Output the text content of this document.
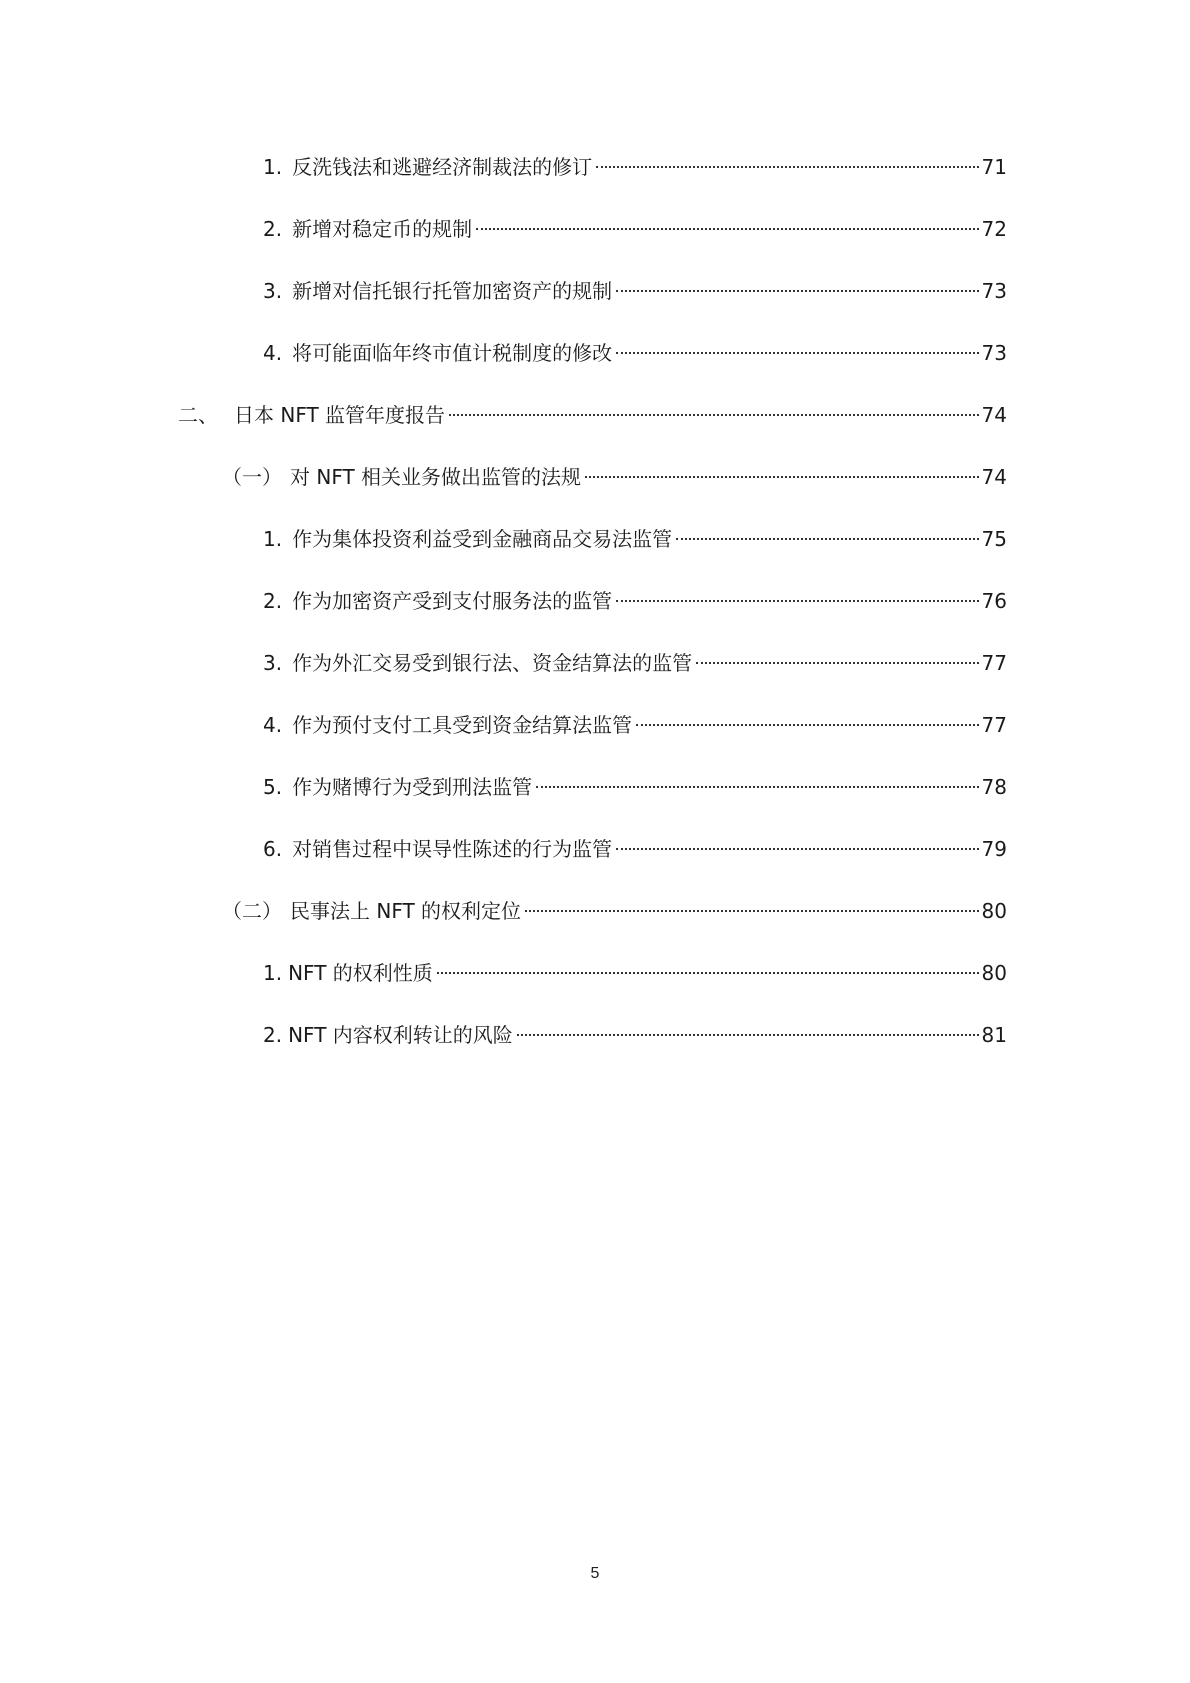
1. 反洗钱法和逃避经济制裁法的修订	71
2. 新增对稳定币的规制	72
3. 新增对信托银行托管加密资产的规制	73
4. 将可能面临年终市值计税制度的修改	73
二、 日本 NFT 监管年度报告	74
（一） 对 NFT 相关业务做出监管的法规	74
1. 作为集体投资利益受到金融商品交易法监管	75
2. 作为加密资产受到支付服务法的监管	76
3. 作为外汇交易受到银行法、资金结算法的监管	77
4. 作为预付支付工具受到资金结算法监管	77
5. 作为赌博行为受到刑法监管	78
6. 对销售过程中误导性陈述的行为监管	79
（二） 民事法上 NFT 的权利定位	80
1. NFT 的权利性质	80
2. NFT 内容权利转让的风险	81
5
